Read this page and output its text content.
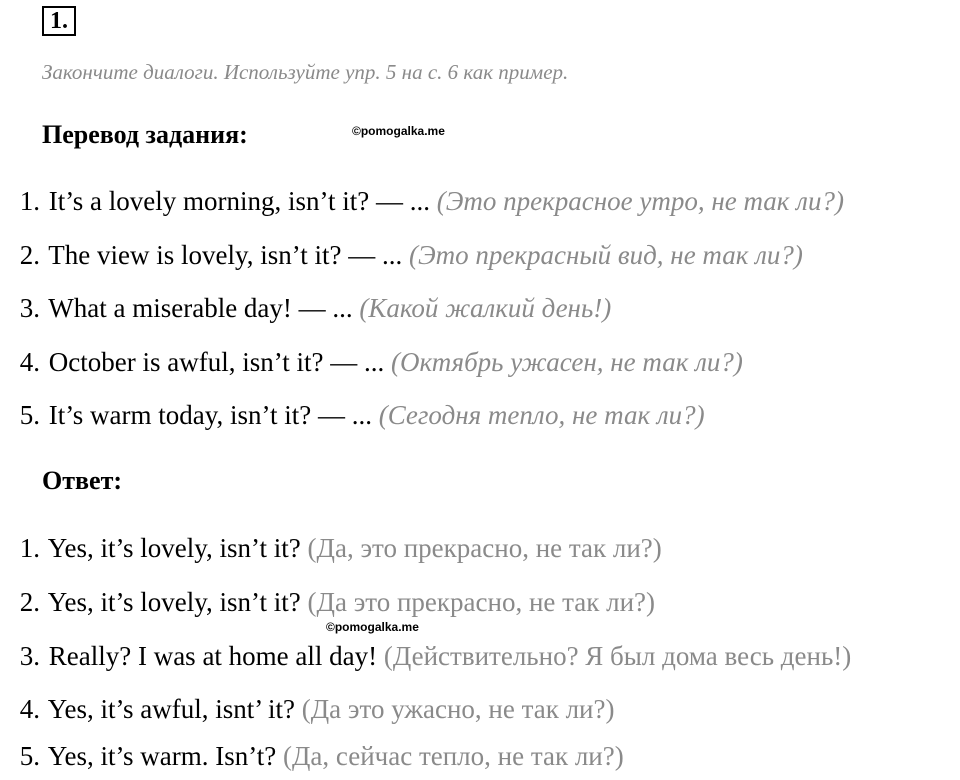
1.
Закончите диалоги. Используйте упр. 5 на с. 6 как пример.
Перевод задания:	©pomogalka.me
1. It’s a lovely morning, isn’t it? — ... (Это прекрасное утро, не так ли?)
2. The view is lovely, isn’t it? — ... (Это прекрасный вид, не так ли?)
3. What a miserable day! — ... (Какой жалкий день!)
4. October is awful, isn’t it? — ... (Октябрь ужасен, не так ли?)
5. It’s warm today, isn’t it? — ... (Сегодня тепло, не так ли?)
Ответ:
1. Yes, it’s lovely, isn’t it? (Да, это прекрасно, не так ли?)
2. Yes, it’s lovely, isn’t it? (Да это прекрасно, не так ли?)
©pomogalka.me
3. Really? I was at home all day! (Действительно? Я был дома весь день!)
4. Yes, it’s awful, isnt’ it? (Да это ужасно, не так ли?)
5. Yes, it’s warm. Isn’t? (Да, сейчас тепло, не так ли?)
